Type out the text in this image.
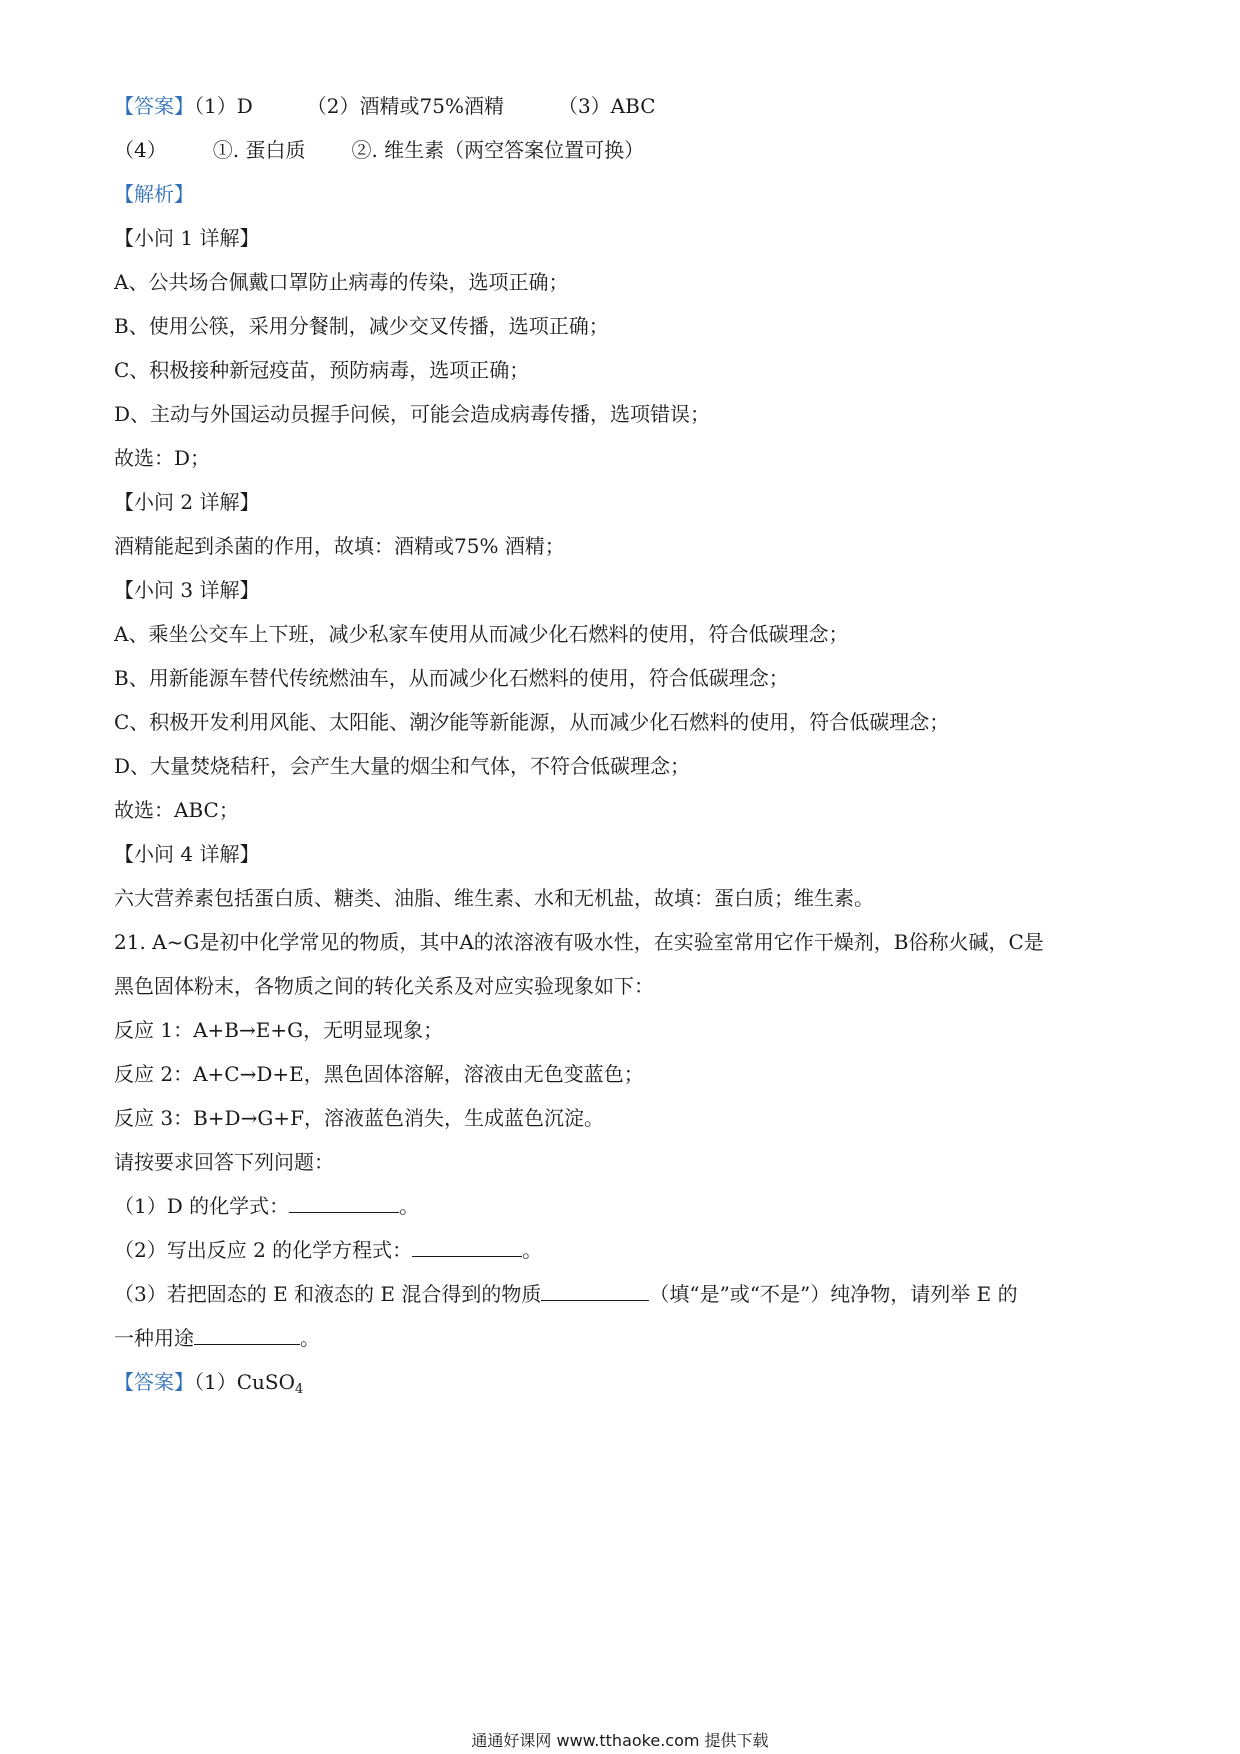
【答案】（1）D	（2）酒精或75%酒精	（3）ABC
（4） ①. 蛋白质 ②. 维生素（两空答案位置可换）
【解析】
【小问 1 详解】
A、公共场合佩戴口罩防止病毒的传染，选项正确；
B、使用公筷，采用分餐制，减少交叉传播，选项正确；
C、积极接种新冠疫苗，预防病毒，选项正确；
D、主动与外国运动员握手问候，可能会造成病毒传播，选项错误；
故选：D；
【小问 2 详解】
酒精能起到杀菌的作用，故填：酒精或75% 酒精；
【小问 3 详解】
A、乘坐公交车上下班，减少私家车使用从而减少化石燃料的使用，符合低碳理念；
B、用新能源车替代传统燃油车，从而减少化石燃料的使用，符合低碳理念；
C、积极开发利用风能、太阳能、潮汐能等新能源，从而减少化石燃料的使用，符合低碳理念；
D、大量焚烧秸秆，会产生大量的烟尘和气体，不符合低碳理念；
故选：ABC；
【小问 4 详解】
六大营养素包括蛋白质、糖类、油脂、维生素、水和无机盐，故填：蛋白质；维生素。
21. A~G是初中化学常见的物质，其中A的浓溶液有吸水性，在实验室常用它作干燥剂，B俗称火碱，C是
黑色固体粉末，各物质之间的转化关系及对应实验现象如下：
反应 1：A+B→E+G，无明显现象；
反应 2：A+C→D+E，黑色固体溶解，溶液由无色变蓝色；
反应 3：B+D→G+F，溶液蓝色消失，生成蓝色沉淀。
请按要求回答下列问题：
（1）D 的化学式：	。
（2）写出反应 2 的化学方程式：	。
（3）若把固态的 E 和液态的 E 混合得到的物质	（填“是”或“不是”）纯净物，请列举 E 的
一种用途	。
【答案】（1）CuSO$_4$
通通好课网 www.tthaoke.com 提供下载
